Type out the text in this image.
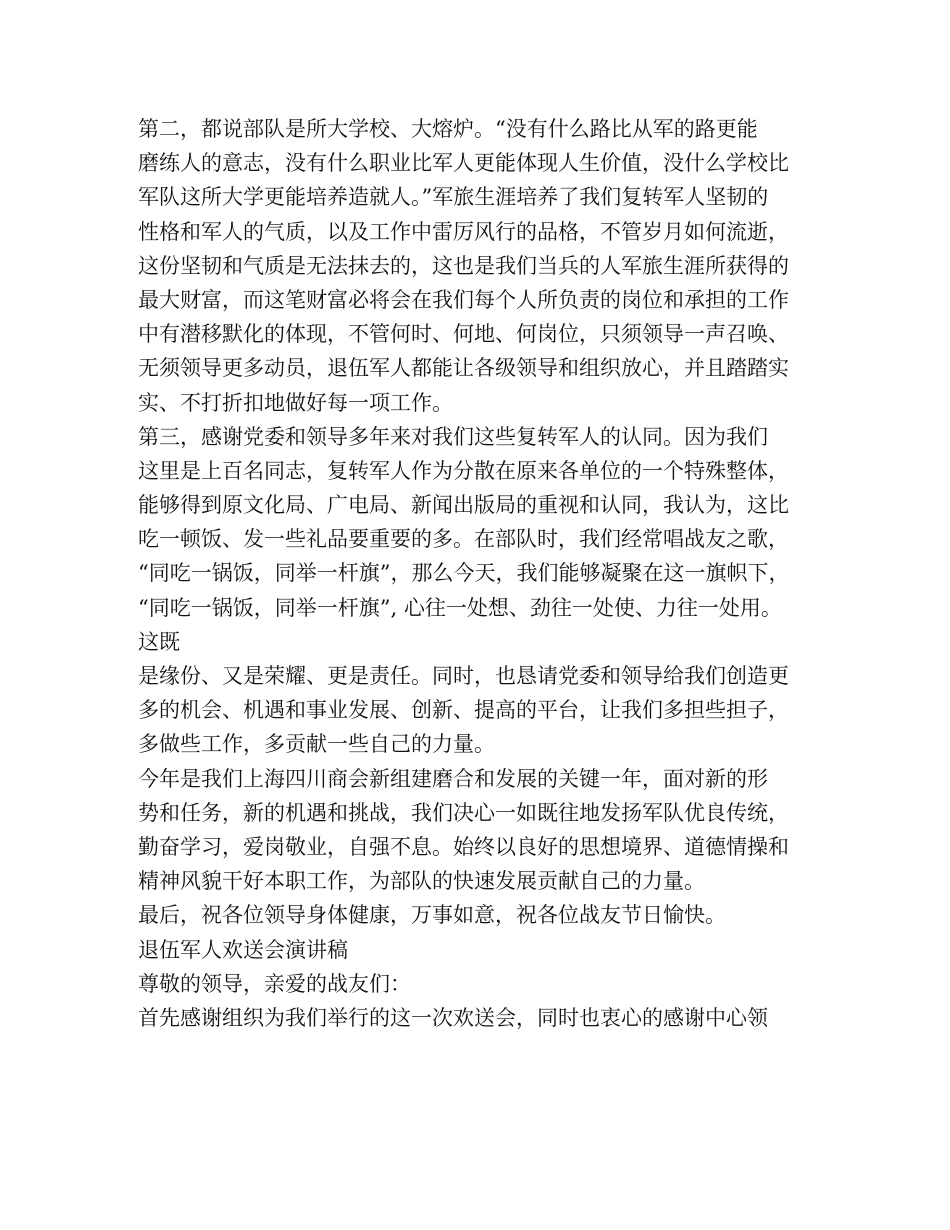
第二，都说部队是所大学校、大熔炉。“没有什么路比从军的路更能
磨练人的意志，没有什么职业比军人更能体现人生价值，没什么学校比
军队这所大学更能培养造就人。”军旅生涯培养了我们复转军人坚韧的
性格和军人的气质，以及工作中雷厉风行的品格，不管岁月如何流逝，
这份坚韧和气质是无法抹去的，这也是我们当兵的人军旅生涯所获得的
最大财富，而这笔财富必将会在我们每个人所负责的岗位和承担的工作
中有潜移默化的体现，不管何时、何地、何岗位，只须领导一声召唤、
无须领导更多动员，退伍军人都能让各级领导和组织放心，并且踏踏实
实、不打折扣地做好每一项工作。
第三，感谢党委和领导多年来对我们这些复转军人的认同。因为我们
这里是上百名同志，复转军人作为分散在原来各单位的一个特殊整体，
能够得到原文化局、广电局、新闻出版局的重视和认同，我认为，这比
吃一顿饭、发一些礼品要重要的多。在部队时，我们经常唱战友之歌，
“同吃一锅饭，同举一杆旗”，那么今天，我们能够凝聚在这一旗帜下，
“同吃一锅饭，同举一杆旗”, 心往一处想、劲往一处使、力往一处用。
这既
是缘份、又是荣耀、更是责任。同时，也恳请党委和领导给我们创造更
多的机会、机遇和事业发展、创新、提高的平台，让我们多担些担子，
多做些工作，多贡献一些自己的力量。
今年是我们上海四川商会新组建磨合和发展的关键一年，面对新的形
势和任务，新的机遇和挑战，我们决心一如既往地发扬军队优良传统，
勤奋学习，爱岗敬业，自强不息。始终以良好的思想境界、道德情操和
精神风貌干好本职工作，为部队的快速发展贡献自己的力量。
最后，祝各位领导身体健康，万事如意，祝各位战友节日愉快。
退伍军人欢送会演讲稿
尊敬的领导，亲爱的战友们：
首先感谢组织为我们举行的这一次欢送会，同时也衷心的感谢中心领
